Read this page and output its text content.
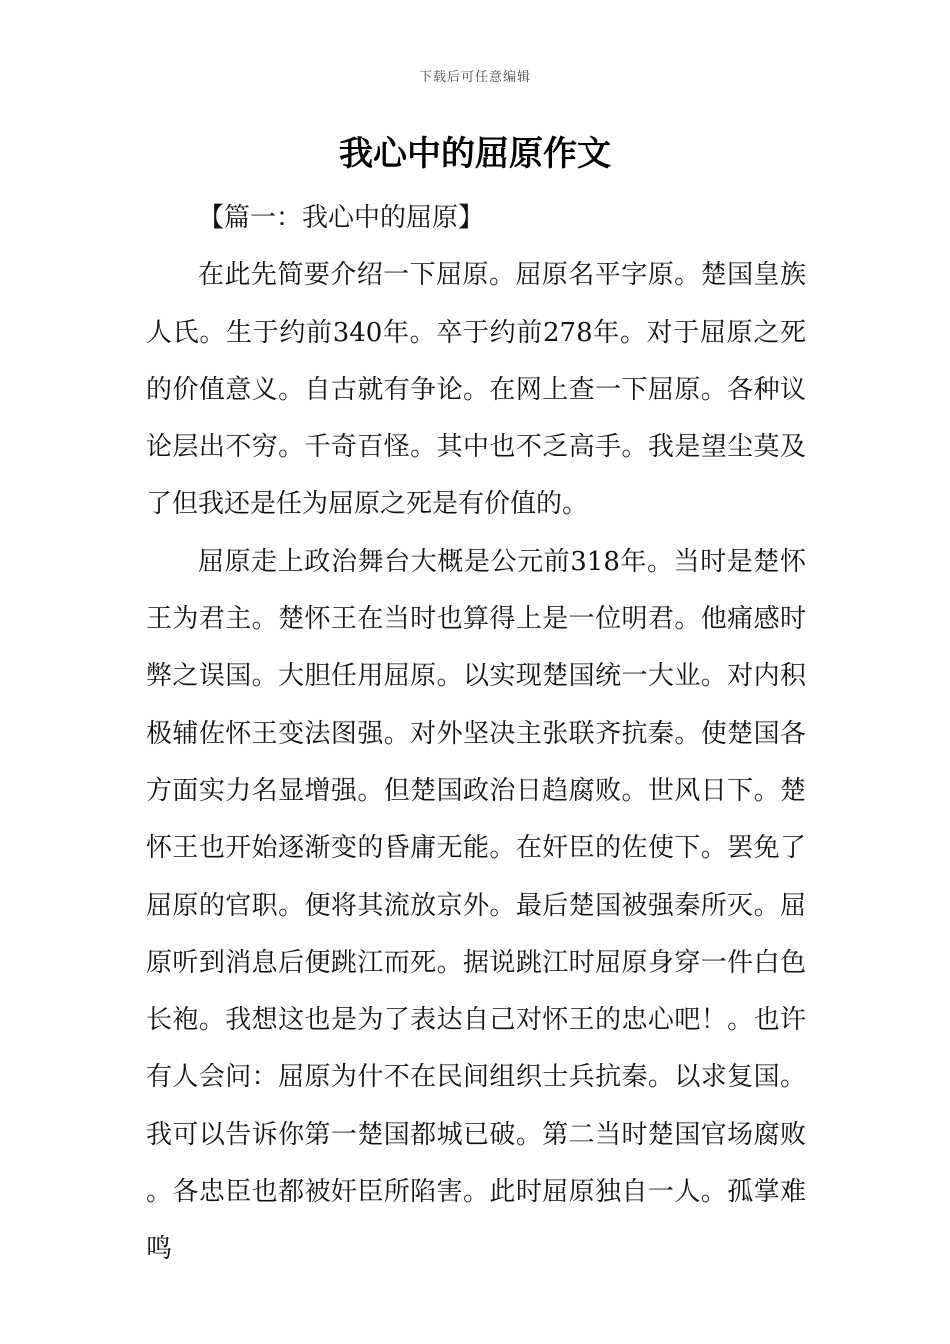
下载后可任意编辑
我心中的屈原作文

【篇一：我心中的屈原】

在此先简要介绍一下屈原。屈原名平字原。楚国皇族人氏。生于约前340年。卒于约前278年。对于屈原之死的价值意义。自古就有争论。在网上查一下屈原。各种议论层出不穷。千奇百怪。其中也不乏高手。我是望尘莫及了但我还是任为屈原之死是有价值的。

屈原走上政治舞台大概是公元前318年。当时是楚怀王为君主。楚怀王在当时也算得上是一位明君。他痛感时弊之误国。大胆任用屈原。以实现楚国统一大业。对内积极辅佐怀王变法图强。对外坚决主张联齐抗秦。使楚国各方面实力名显增强。但楚国政治日趋腐败。世风日下。楚怀王也开始逐渐变的昏庸无能。在奸臣的佐使下。罢免了屈原的官职。便将其流放京外。最后楚国被强秦所灭。屈原听到消息后便跳江而死。据说跳江时屈原身穿一件白色长袍。我想这也是为了表达自己对怀王的忠心吧！。也许有人会问：屈原为什不在民间组织士兵抗秦。以求复国。我可以告诉你第一楚国都城已破。第二当时楚国官场腐败。各忠臣也都被奸臣所陷害。此时屈原独自一人。孤掌难鸣
